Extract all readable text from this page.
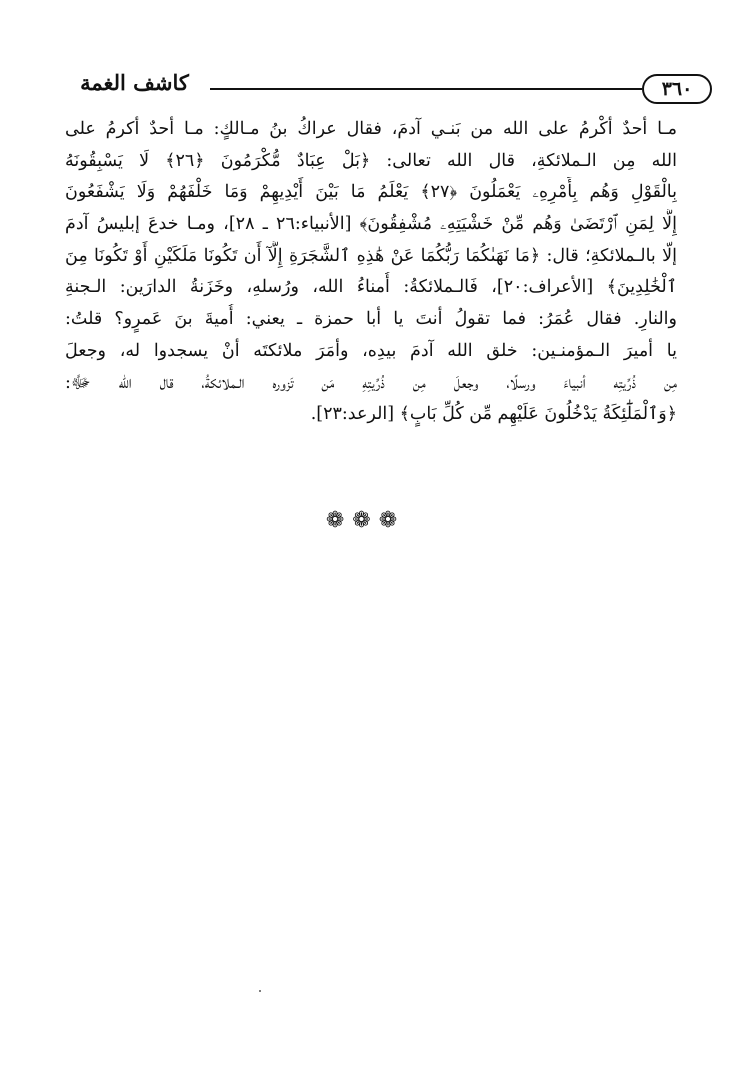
كاشف الغمة	٣٦٠
مـا أحدٌ أكْرمُ على الله من بَنـي آدمَ، فقال عراكُ بنُ مـالكٍ: مـا أحدٌ أكرمُ على
الله مِن الـملائكةِ، قال الله تعالى: ﴿بَلْ عِبَادٌ مُّكْرَمُونَ ﴿٢٦﴾ لَا يَسْبِقُونَهُ
بِالْقَوْلِ وَهُم بِأَمْرِهِۦ يَعْمَلُونَ ﴿٢٧﴾ يَعْلَمُ مَا بَيْنَ أَيْدِيهِمْ وَمَا خَلْفَهُمْ وَلَا يَشْفَعُونَ
إِلَّا لِمَنِ ٱرْتَضَىٰ وَهُم مِّنْ خَشْيَتِهِۦ مُشْفِقُونَ﴾ [الأنبياء:٢٦ ـ ٢٨]، ومـا خدعَ إبليسُ آدمَ
إلّا بالـملائكةِ؛ قال: ﴿مَا نَهَىٰكُمَا رَبُّكُمَا عَنْ هَٰذِهِ ٱلشَّجَرَةِ إِلَّآ أَن تَكُونَا مَلَكَيْنِ أَوْ تَكُونَا مِنَ
ٱلْخَٰلِدِينَ﴾ [الأعراف:٢٠]، فَالـملائكةُ: أُمناءُ الله، ورُسلهِ، وخَزَنةُ الدارَين: الـجنةِ
والنارِ. فقال عُمَرُ: فما تقولُ أنتَ يا أبا حمزة ـ يعني: أُميةَ بنَ عَمرٍو؟ قلتُ:
يا أميرَ الـمؤمنـين: خلق الله آدمَ بيدِه، وأمَرَ ملائكتَه أنْ يسجدوا له، وجعلَ
مِن ذُرِّيتِه أنبياءَ ورسلًا، وجعلَ مِن ذُرِّيتِهِ مَن تَزوره الـملائكةُ، قال الله ﷻ:
﴿وَٱلْمَلَٰٓئِكَةُ يَدْخُلُونَ عَلَيْهِم مِّن كُلِّ بَابٍ﴾ [الرعد:٢٣].
❁❁❁
